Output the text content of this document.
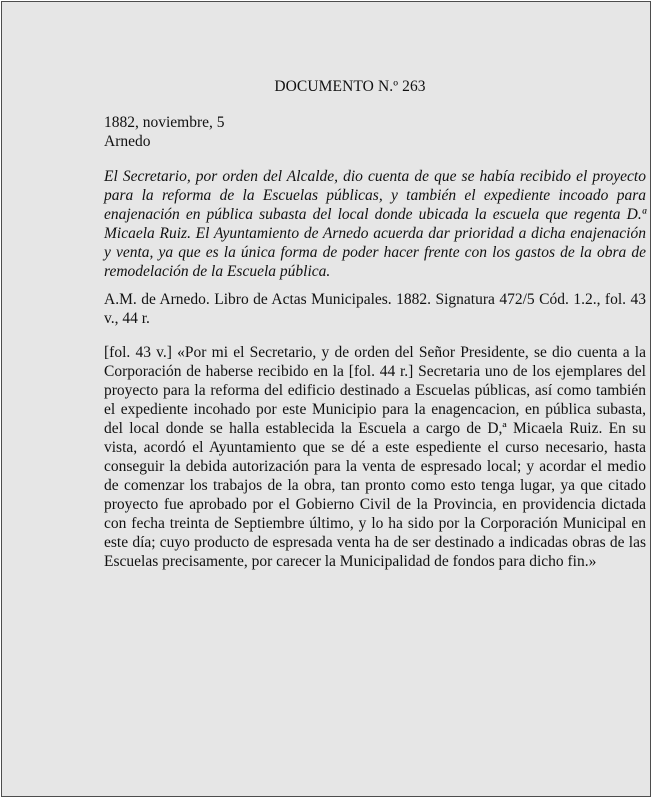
DOCUMENTO N.º 263
1882, noviembre, 5
Arnedo

El Secretario, por orden del Alcalde, dio cuenta de que se había recibido el proyecto para la reforma de la Escuelas públicas, y también el expediente incoado para enajenación en pública subasta del local donde ubicada la escuela que regenta D.ª Micaela Ruiz. El Ayuntamiento de Arnedo acuerda dar prioridad a dicha enajenación y venta, ya que es la única forma de poder hacer frente con los gastos de la obra de remodelación de la Escuela pública.

A.M. de Arnedo. Libro de Actas Municipales. 1882. Signatura 472/5 Cód. 1.2., fol. 43 v., 44 r.

[fol. 43 v.] «Por mi el Secretario, y de orden del Señor Presidente, se dio cuenta a la Corporación de haberse recibido en la [fol. 44 r.] Secretaria uno de los ejemplares del proyecto para la reforma del edificio destinado a Escuelas públicas, así como también el expediente incohado por este Municipio para la enagencacion, en pública subasta, del local donde se halla establecida la Escuela a cargo de D,ª Micaela Ruiz. En su vista, acordó el Ayuntamiento que se dé a este espediente el curso necesario, hasta conseguir la debida autorización para la venta de espresado local; y acordar el medio de comenzar los trabajos de la obra, tan pronto como esto tenga lugar, ya que citado proyecto fue aprobado por el Gobierno Civil de la Provincia, en providencia dictada con fecha treinta de Septiembre último, y lo ha sido por la Corporación Municipal en este día; cuyo producto de espresada venta ha de ser destinado a indicadas obras de las Escuelas precisamente, por carecer la Municipalidad de fondos para dicho fin.»
